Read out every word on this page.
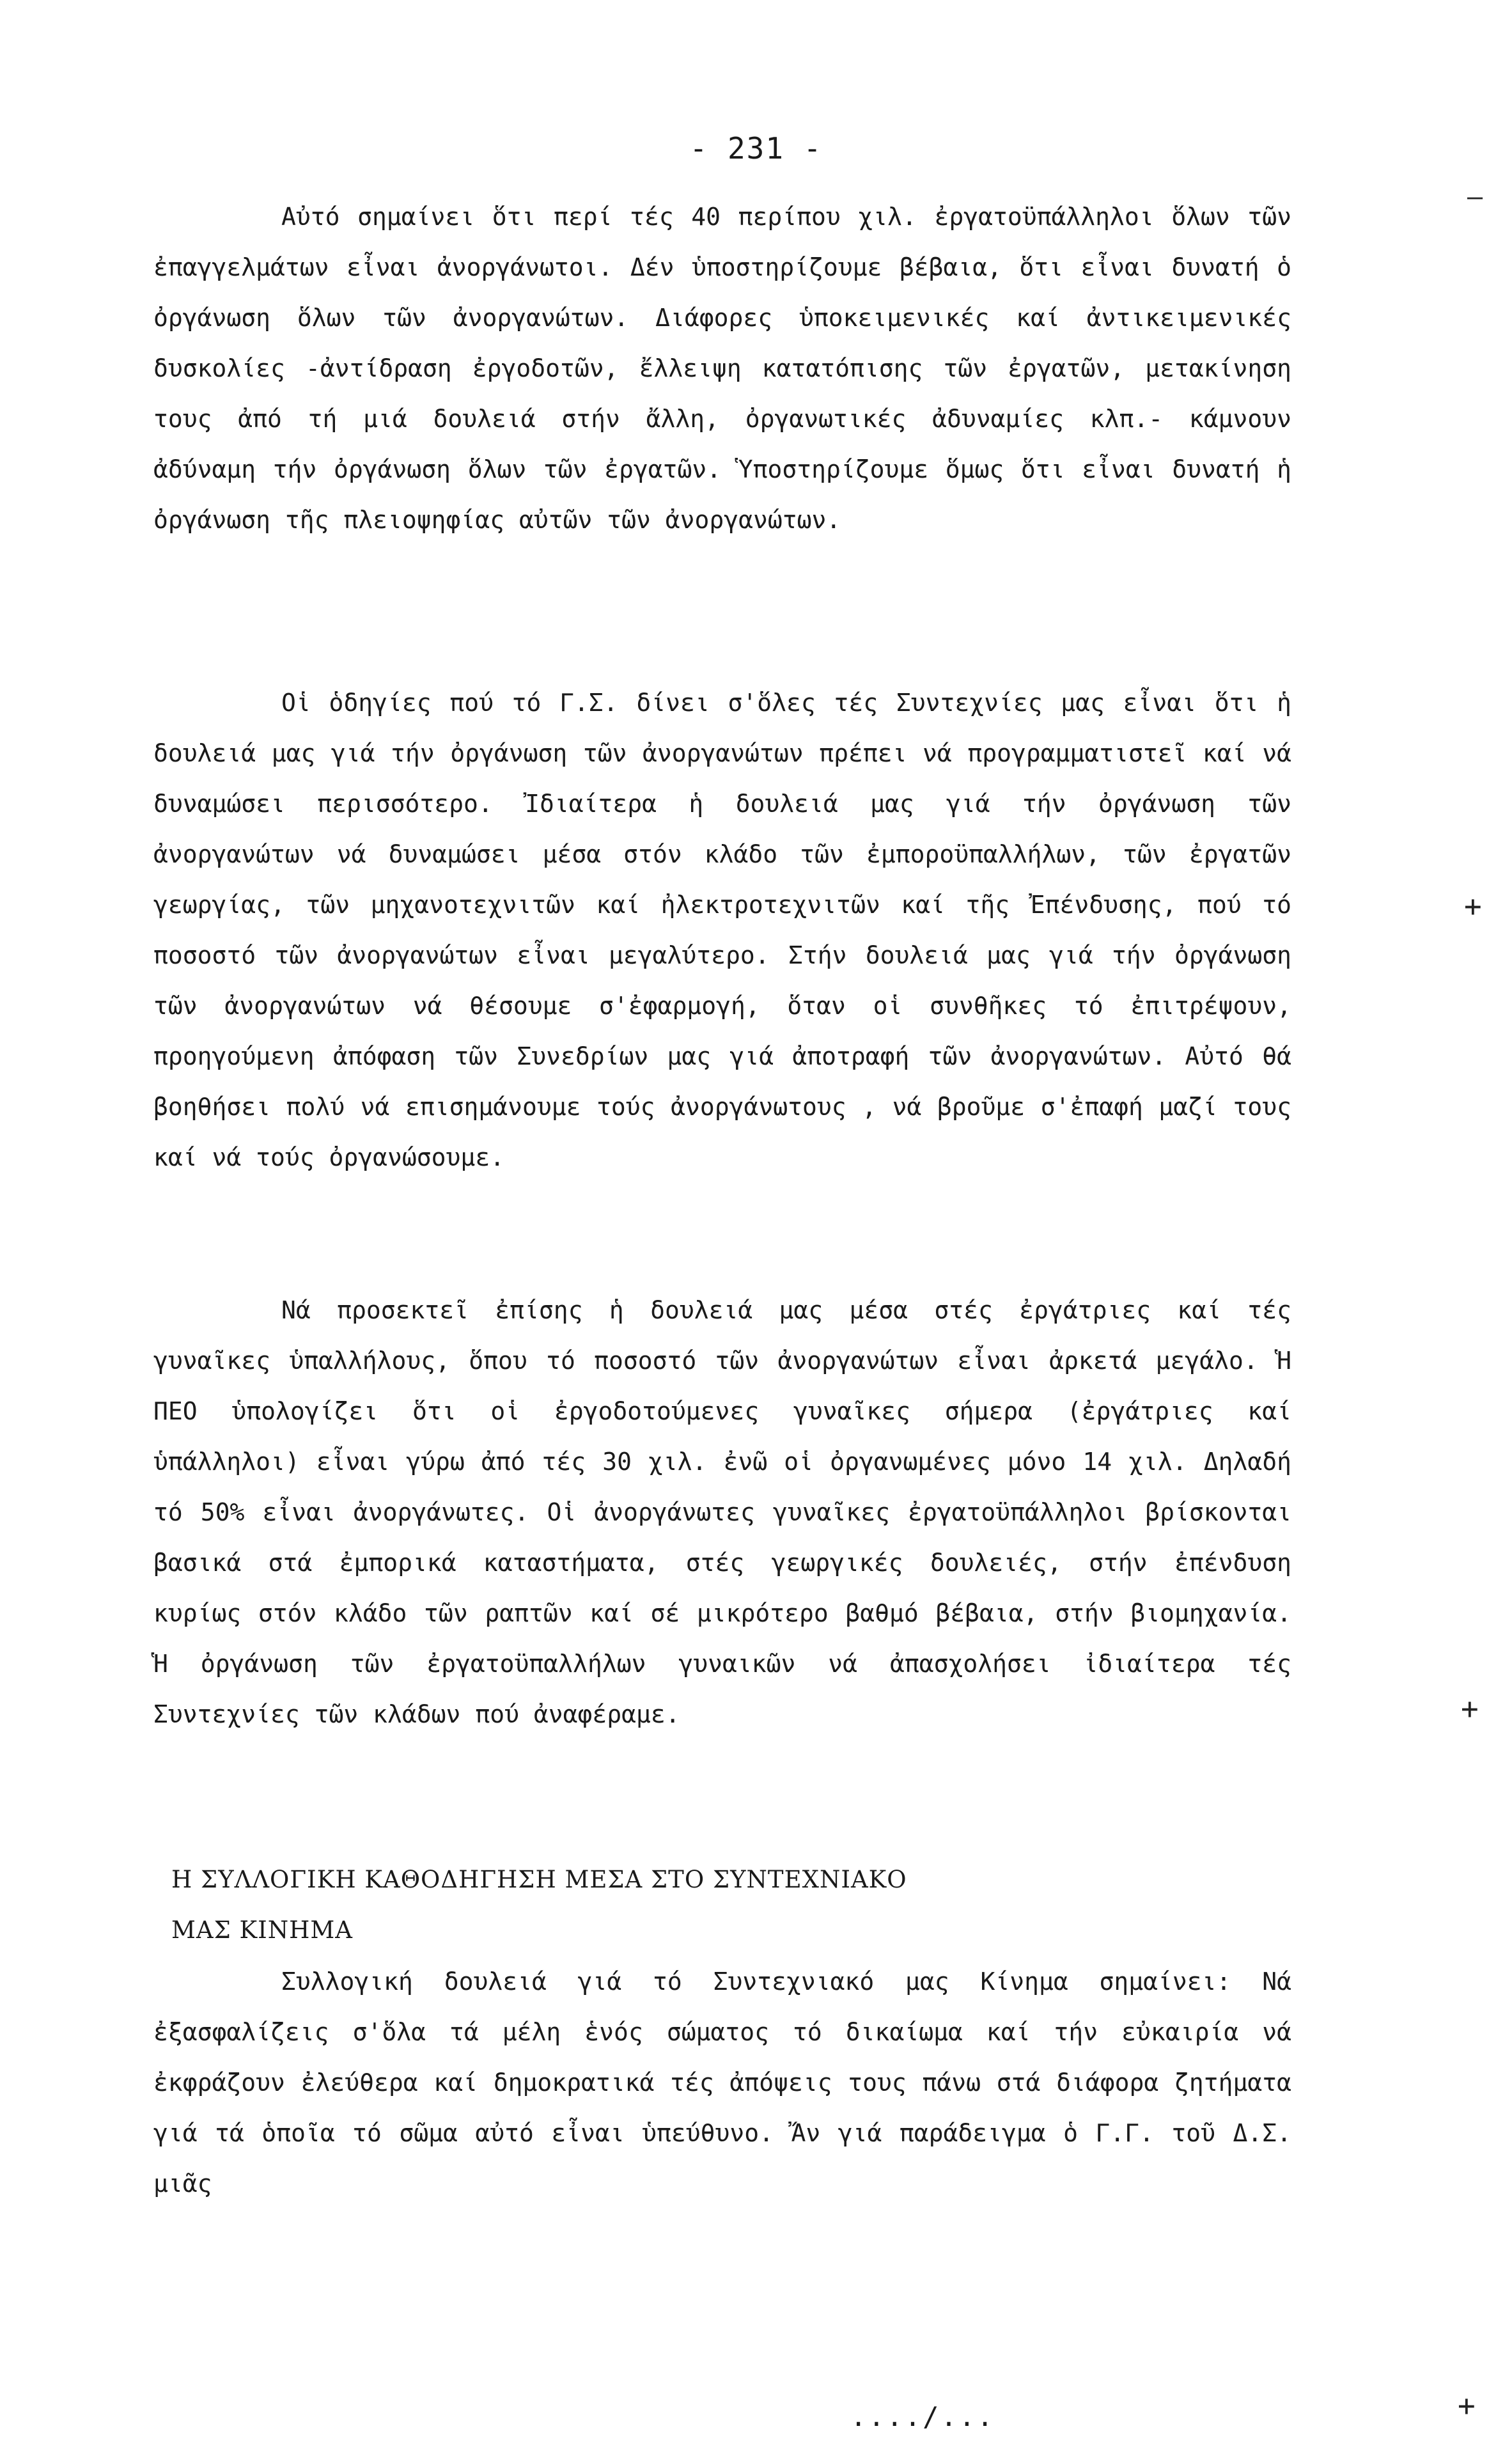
- 231 -

Αὐτό σημαίνει ὅτι περί τές 40 περίπου χιλ. ἐργατοϋπάλληλοι ὅλων τῶν ἐπαγγελμάτων εἶναι ἀνοργάνωτοι. Δέν ὑποστηρίζουμε βέβαια, ὅτι εἶναι δυνατή ὁ ὀργάνωση ὅλων τῶν ἀνοργανώτων. Διάφορες ὑποκειμενικές καί ἀντικειμενικές δυσκολίες -ἀντίδραση ἐργοδοτῶν, ἔλλειψη κατατόπισης τῶν ἐργατῶν, μετακίνηση τους ἀπό τή μιά δουλειά στήν ἄλλη, ὀργανωτικές ἀδυναμίες κλπ.- κάμνουν ἀδύναμη τήν ὀργάνωση ὅλων τῶν ἐργατῶν. Ὑποστηρίζουμε ὅμως ὅτι εἶναι δυνατή ἡ ὀργάνωση τῆς πλειοψηφίας αὐτῶν τῶν ἀνοργανώτων.

Οἱ ὁδηγίες πού τό Γ.Σ. δίνει σ'ὅλες τές Συντεχνίες μας εἶναι ὅτι ἡ δουλειά μας γιά τήν ὀργάνωση τῶν ἀνοργανώτων πρέπει νά προγραμματιστεῖ καί νά δυναμώσει περισσότερο. Ἰδιαίτερα ἡ δουλειά μας γιά τήν ὀργάνωση τῶν ἀνοργανώτων νά δυναμώσει μέσα στόν κλάδο τῶν ἐμποροϋπαλλήλων, τῶν ἐργατῶν γεωργίας, τῶν μηχανοτεχνιτῶν καί ἠλεκτροτεχνιτῶν καί τῆς Ἐπένδυσης, πού τό ποσοστό τῶν ἀνοργανώτων εἶναι μεγαλύτερο. Στήν δουλειά μας γιά τήν ὀργάνωση τῶν ἀνοργανώτων νά θέσουμε σ'ἐφαρμογή, ὅταν οἱ συνθῆκες τό ἐπιτρέψουν, προηγούμενη ἀπόφαση τῶν Συνεδρίων μας γιά ἀποτραφή τῶν ἀνοργανώτων. Αὐτό θά βοηθήσει πολύ νά επισημάνουμε τούς ἀνοργάνωτους , νά βροῦμε σ'ἐπαφή μαζί τους καί νά τούς ὀργανώσουμε.

Νά προσεκτεῖ ἐπίσης ἡ δουλειά μας μέσα στές ἐργάτριες καί τές γυναῖκες ὑπαλλήλους, ὅπου τό ποσοστό τῶν ἀνοργανώτων εἶναι ἀρκετά μεγάλο. Ἡ ΠΕΟ ὑπολογίζει ὅτι οἱ ἐργοδοτούμενες γυναῖκες σήμερα (ἐργάτριες καί ὑπάλληλοι) εἶναι γύρω ἀπό τές 30 χιλ. ἐνῶ οἱ ὀργανωμένες μόνο 14 χιλ. Δηλαδή τό 50% εἶναι ἀνοργάνωτες. Οἱ ἀνοργάνωτες γυναῖκες ἐργατοϋπάλληλοι βρίσκονται βασικά στά ἐμπορικά καταστήματα, στές γεωργικές δουλειές, στήν ἐπένδυση κυρίως στόν κλάδο τῶν ραπτῶν καί σέ μικρότερο βαθμό βέβαια, στήν βιομηχανία. Ἡ ὀργάνωση τῶν ἐργατοϋπαλλήλων γυναικῶν νά ἀπασχολήσει ἰδιαίτερα τές Συντεχνίες τῶν κλάδων πού ἀναφέραμε.

Η ΣΥΛΛΟΓΙΚΗ ΚΑΘΟΔΗΓΗΣΗ ΜΕΣΑ ΣΤΟ ΣΥΝΤΕΧΝΙΑΚΟ
ΜΑΣ ΚΙΝΗΜΑ

Συλλογική δουλειά γιά τό Συντεχνιακό μας Κίνημα σημαίνει: Νά ἐξασφαλίζεις σ'ὅλα τά μέλη ἑνός σώματος τό δικαίωμα καί τήν εὐκαιρία νά ἐκφράζουν ἐλεύθερα καί δημοκρατικά τές ἀπόψεις τους πάνω στά διάφορα ζητήματα γιά τά ὁποῖα τό σῶμα αὐτό εἶναι ὑπεύθυνο. Ἄν γιά παράδειγμα ὁ Γ.Γ. τοῦ Δ.Σ. μιᾶς

..../...
—
+
+
+
